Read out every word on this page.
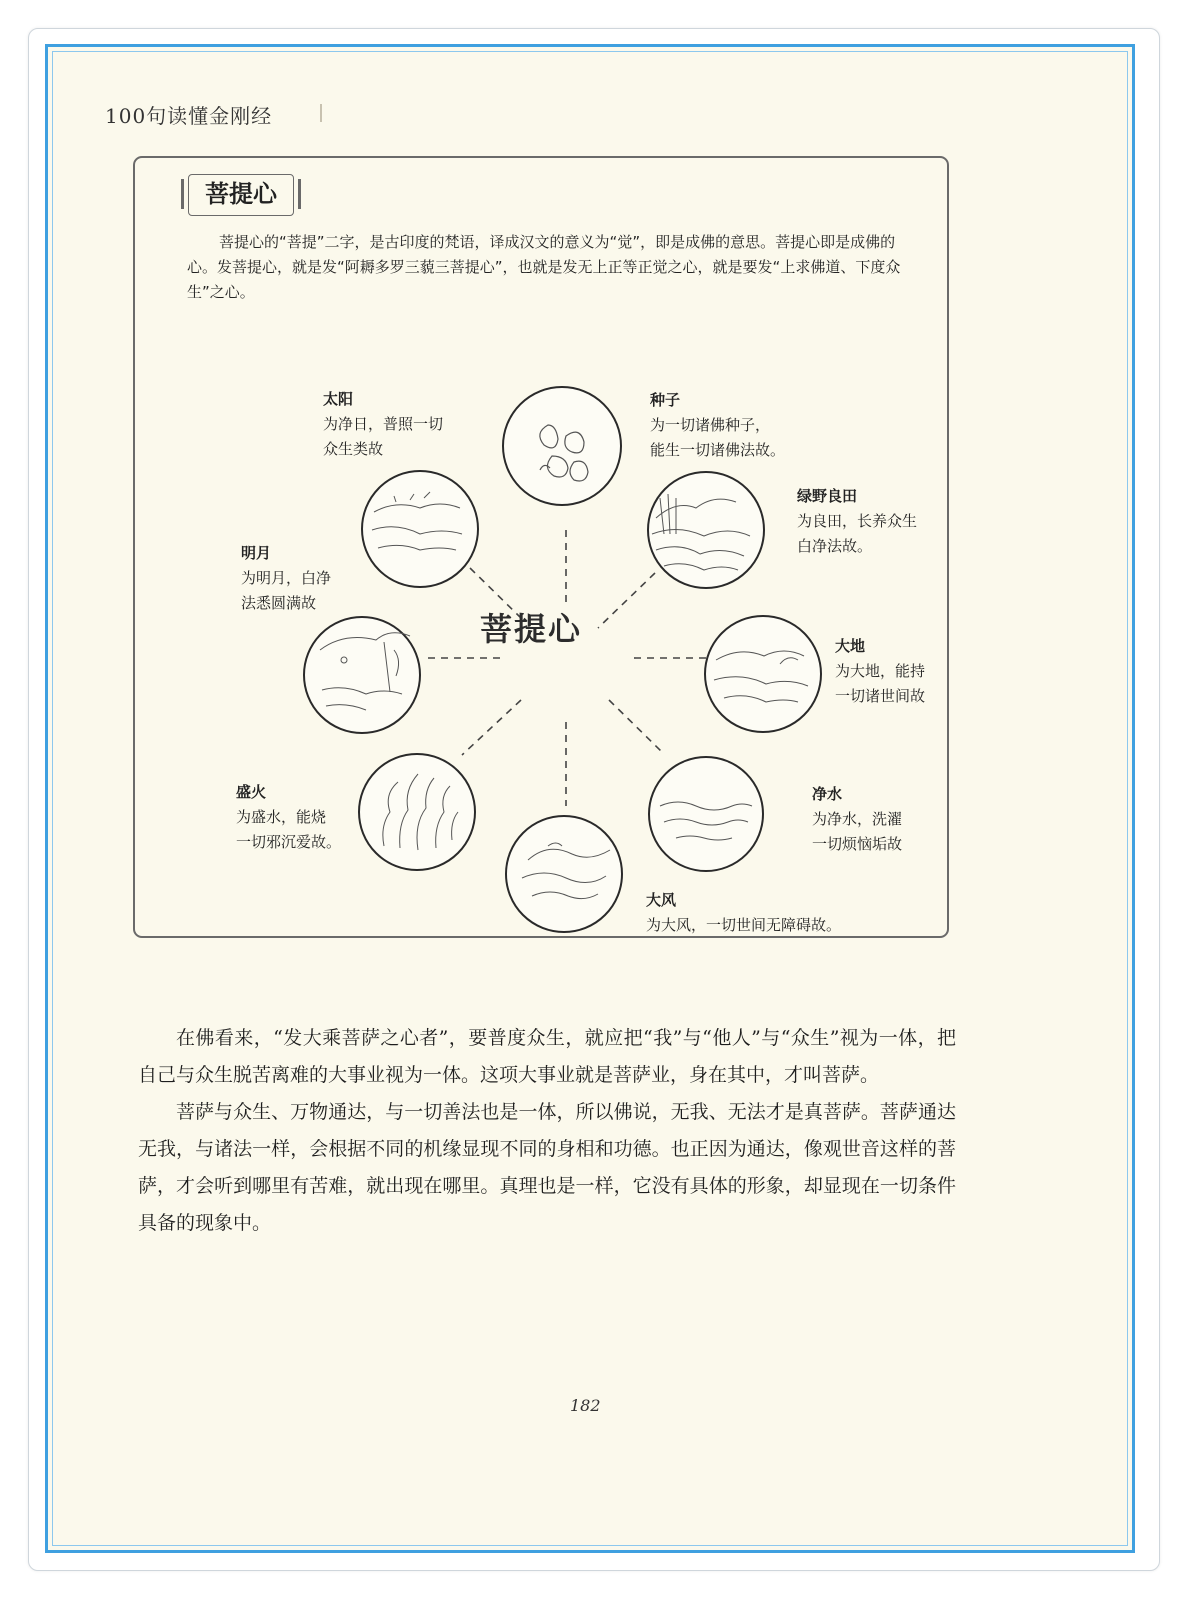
100句读懂金刚经
菩提心

菩提心的“菩提”二字，是古印度的梵语，译成汉文的意义为“觉”，即是成佛的意思。菩提心即是成佛的心。发菩提心，就是发“阿耨多罗三藐三菩提心”，也就是发无上正等正觉之心，就是要发“上求佛道、下度众生”之心。

菩提心
种子
为一切诸佛种子，
能生一切诸佛法故。
绿野良田
为良田，长养众生
白净法故。
大地
为大地，能持
一切诸世间故
净水
为净水，洗濯
一切烦恼垢故
大风
为大风，一切世间无障碍故。
盛火
为盛水，能烧
一切邪沉爱故。
明月
为明月，白净
法悉圆满故
太阳
为净日，普照一切
众生类故

在佛看来，“发大乘菩萨之心者”，要普度众生，就应把“我”与“他人”与“众生”视为一体，把自己与众生脱苦离难的大事业视为一体。这项大事业就是菩萨业，身在其中，才叫菩萨。

菩萨与众生、万物通达，与一切善法也是一体，所以佛说，无我、无法才是真菩萨。菩萨通达无我，与诸法一样，会根据不同的机缘显现不同的身相和功德。也正因为通达，像观世音这样的菩萨，才会听到哪里有苦难，就出现在哪里。真理也是一样，它没有具体的形象，却显现在一切条件具备的现象中。

182
